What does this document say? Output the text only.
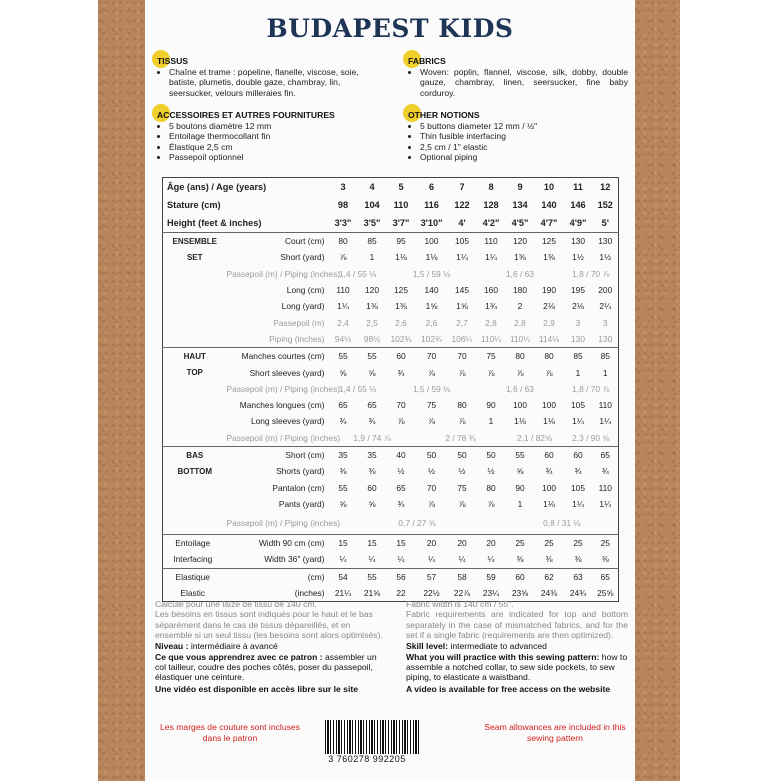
BUDAPEST KIDS
TISSUS
• Chaîne et trame : popeline, flanelle, viscose, soie, batiste, plumetis, double gaze, chambray, lin, seersucker, velours milleraies fin.
FABRICS
• Woven: poplin, flannel, viscose, silk, dobby, double gauze, chambray, linen, seersucker, fine baby corduroy.
ACCESSOIRES ET AUTRES FOURNITURES
• 5 boutons diamètre 12 mm
• Entoilage thermocollant fin
• Élastique 2,5 cm
• Passepoil optionnel
OTHER NOTIONS
• 5 buttons diameter 12 mm / ½"
• Thin fusible interfacing
• 2,5 cm / 1" elastic
• Optional piping
Âge (ans) / Age (years)		3	4	5	6	7	8	9	10	11	12
Stature (cm)		98	104	110	116	122	128	134	140	146	152
Height (feet & inches)		3'3"	3'5"	3'7"	3'10"	4'	4'2"	4'5"	4'7"	4'9"	5'
ENSEMBLE	Court (cm)	80	85	95	100	105	110	120	125	130	130
SET	Short (yard)	⅞	1	1⅛	1⅛	1¼	1¼	1⅜	1⅜	1½	1½
	Passepoil (m) / Piping (inches)	1,4 / 55 ⅛		1,5 / 59 ⅛			1,6 / 63			1,8 / 70 ⅞	
	Long (cm)	110	120	125	140	145	160	180	190	195	200
	Long (yard)	1¼	1⅜	1⅜	1⅝	1⅝	1¾	2	2⅛	2⅛	2¼
	Passepoil (m)	2,4	2,5	2,6	2,6	2,7	2,8	2,8	2,9	3	3
	Piping (inches)	94½	98½	102¾	102¾	106¼	110¼	110¼	114⅛	130	130
HAUT	Manches courtes (cm)	55	55	60	70	70	75	80	80	85	85
TOP	Short sleeves (yard)	⅝	⅝	¾	⅞	⅞	⅞	⅞	⅞	1	1
	Passepoil (m) / Piping (inches)	1,4 / 55 ⅛		1,5 / 59 ⅛			1,6 / 63			1,8 / 70 ⅞	
	Manches longues (cm)	65	65	70	75	80	90	100	100	105	110
	Long sleeves (yard)	¾	¾	⅞	⅞	⅞	1	1⅛	1⅛	1¼	1¼
	Passepoil (m) / Piping (inches)	1,9 / 74 ⅞			2 / 78 ¾			2,1 / 82⅝		2,3 / 90 ⅝	
BAS	Short (cm)	35	35	40	50	50	50	55	60	60	65
BOTTOM	Shorts (yard)	⅜	⅜	½	½	½	½	⅝	¾	¾	¾
	Pantalon (cm)	55	60	65	70	75	80	90	100	105	110
	Pants (yard)	⅝	⅝	¾	⅞	⅞	⅞	1	1⅛	1¼	1¼
	Passepoil (m) / Piping (inches)	0,7 / 27 ⅝						0,8 / 31 ⅛			
Entoilage	Width 90 cm (cm)	15	15	15	20	20	20	25	25	25	25
Interfacing	Width 36" (yard)	¼	¼	¼	¼	¼	¼	⅜	⅜	⅜	⅜
Elastique	(cm)	54	55	56	57	58	59	60	62	63	65
Elastic	(inches)	21¼	21⅝	22	22½	22⅞	23¼	23⅝	24⅜	24¾	25⅝
Calculé pour une laize de tissu de 140 cm.
Les besoins en tissus sont indiqués pour le haut et le bas séparément dans le cas de tissus dépareillés, et en ensemble si un seul tissu (les besoins sont alors optimisés).
Niveau : intermédiaire à avancé
Ce que vous apprendrez avec ce patron : assembler un col tailleur, coudre des poches côtés, poser du passepoil, élastiquer une ceinture.
Une vidéo est disponible en accès libre sur le site
Fabric width is 140 cm / 55".
Fabric requirements are indicated for top and bottom separately in the case of mismatched fabrics, and for the set if a single fabric (requirements are then optimized).
Skill level: intermediate to advanced
What you will practice with this sewing pattern: how to assemble a notched collar, to sew side pockets, to sew piping, to elasticate a waistband.
A video is available for free access on the website
Les marges de couture sont incluses dans le patron
Seam allowances are included in this sewing pattern
3 760278 992205
